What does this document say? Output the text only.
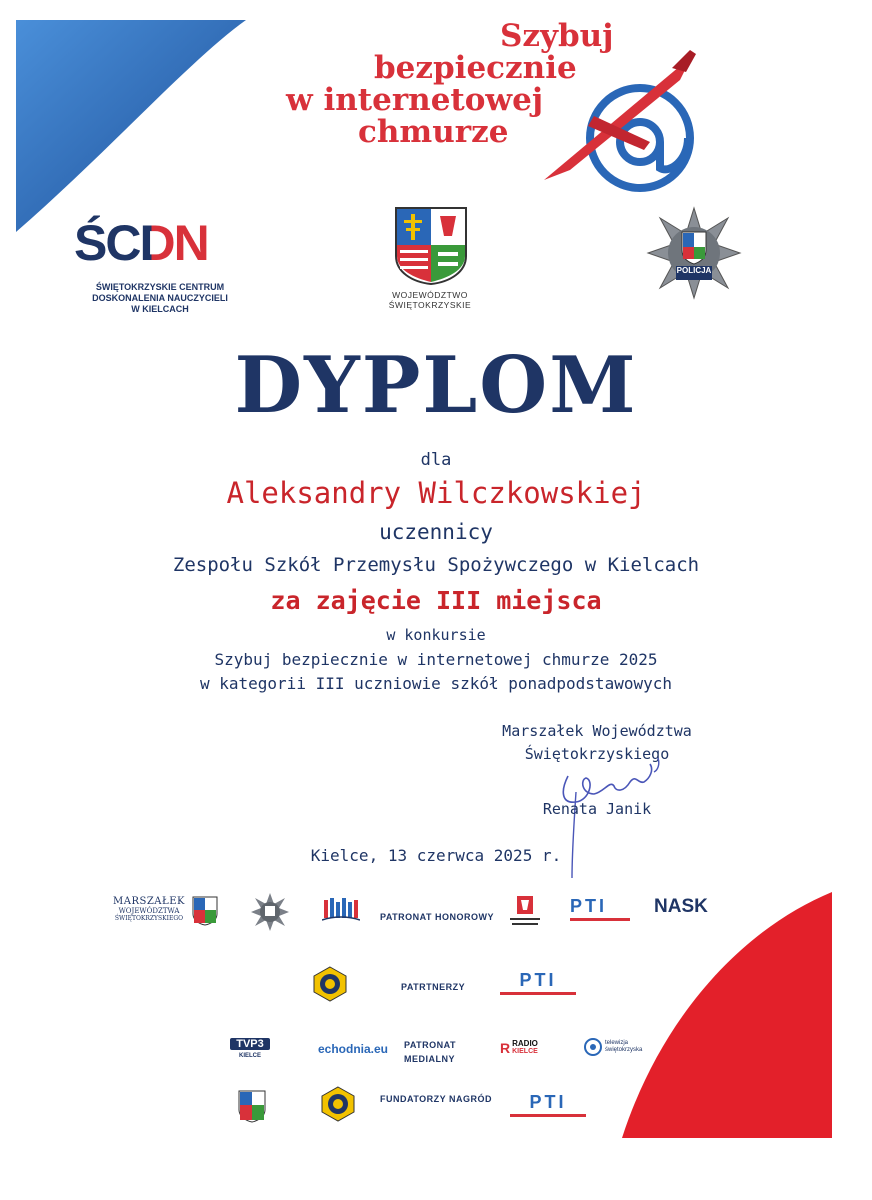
Szybuj
bezpiecznie
w internetowej
chmurze
ŚCDN
ŚWIĘTOKRZYSKIE CENTRUM
DOSKONALENIA NAUCZYCIELI
W KIELCACH
WOJEWÓDZTWO
ŚWIĘTOKRZYSKIE
POLICJA
DYPLOM
dla
Aleksandry Wilczkowskiej
uczennicy
Zespołu Szkół Przemysłu Spożywczego w Kielcach
za zajęcie III miejsca
w konkursie
Szybuj bezpiecznie w internetowej chmurze 2025
w kategorii III uczniowie szkół ponadpodstawowych
Marszałek Województwa
Świętokrzyskiego
Renata Janik
Kielce, 13 czerwca 2025 r.
MARSZAŁEK
WOJEWÓDZTWA
ŚWIĘTOKRZYSKIEGO	PATRONAT HONOROWY
PTI	NASK
PATRTNERZY	PTI
TVP3
KIELCE	echodnia.eu PATRONAT
MEDIALNY
R RADIO
KIELCE
telewizja
świętokrzyska
FUNDATORZY NAGRÓD	PTI
